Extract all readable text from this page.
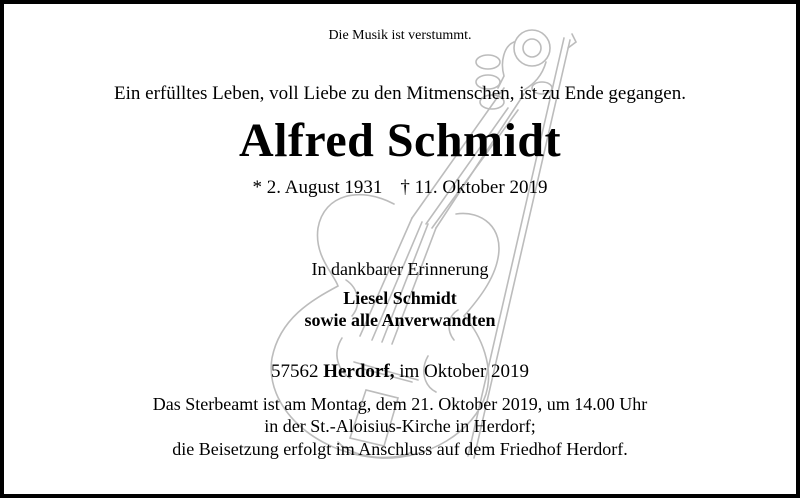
Die Musik ist verstummt.
Ein erfülltes Leben, voll Liebe zu den Mitmenschen, ist zu Ende gegangen.
Alfred Schmidt
* 2. August 1931 † 11. Oktober 2019
In dankbarer Erinnerung
Liesel Schmidt
sowie alle Anverwandten
57562 Herdorf, im Oktober 2019
Das Sterbeamt ist am Montag, dem 21. Oktober 2019, um 14.00 Uhr
in der St.-Aloisius-Kirche in Herdorf;
die Beisetzung erfolgt im Anschluss auf dem Friedhof Herdorf.
